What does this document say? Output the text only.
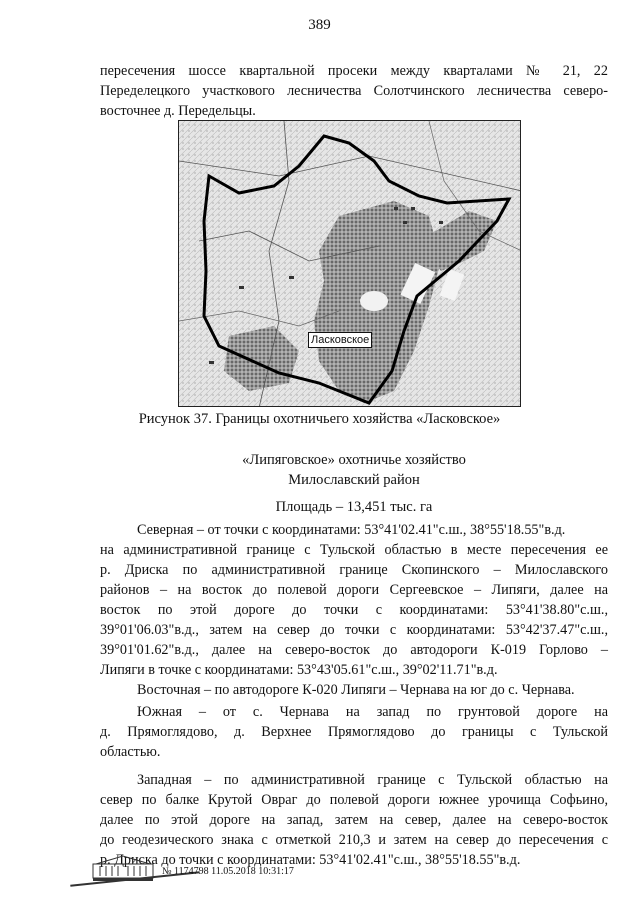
389
пересечения шоссе квартальной просеки между кварталами № 21, 22
Переделецкого участкового лесничества Солотчинского лесничества северо-
восточнее д. Передельцы.
Ласковское
Рисунок 37. Границы охотничьего хозяйства «Ласковское»
«Липяговское» охотничье хозяйство
Милославский район
Площадь – 13,451 тыс. га
Северная – от точки с координатами: 53°41'02.41"с.ш., 38°55'18.55"в.д.
на административной границе с Тульской областью в месте пересечения ее
р. Дриска по административной границе Скопинского – Милославского
районов – на восток до полевой дороги Сергеевское – Липяги, далее на
восток по этой дороге до точки с координатами: 53°41'38.80"с.ш.,
39°01'06.03"в.д., затем на север до точки с координатами: 53°42'37.47"с.ш.,
39°01'01.62"в.д., далее на северо-восток до автодороги К-019 Горлово –
Липяги в точке с координатами: 53°43'05.61"с.ш., 39°02'11.71"в.д.
Восточная – по автодороге К-020 Липяги – Чернава на юг до с. Чернава.
Южная – от с. Чернава на запад по грунтовой дороге на
д. Прямоглядово, д. Верхнее Прямоглядово до границы с Тульской
областью.
Западная – по административной границе с Тульской областью на
север по балке Крутой Овраг до полевой дороги южнее урочища Софьино,
далее по этой дороге на запад, затем на север, далее на северо-восток
до геодезического знака с отметкой 210,3 и затем на север до пересечения с
р. Дриска до точки с координатами: 53°41'02.41"с.ш., 38°55'18.55"в.д.
№ 1174798 11.05.2018 10:31:17
